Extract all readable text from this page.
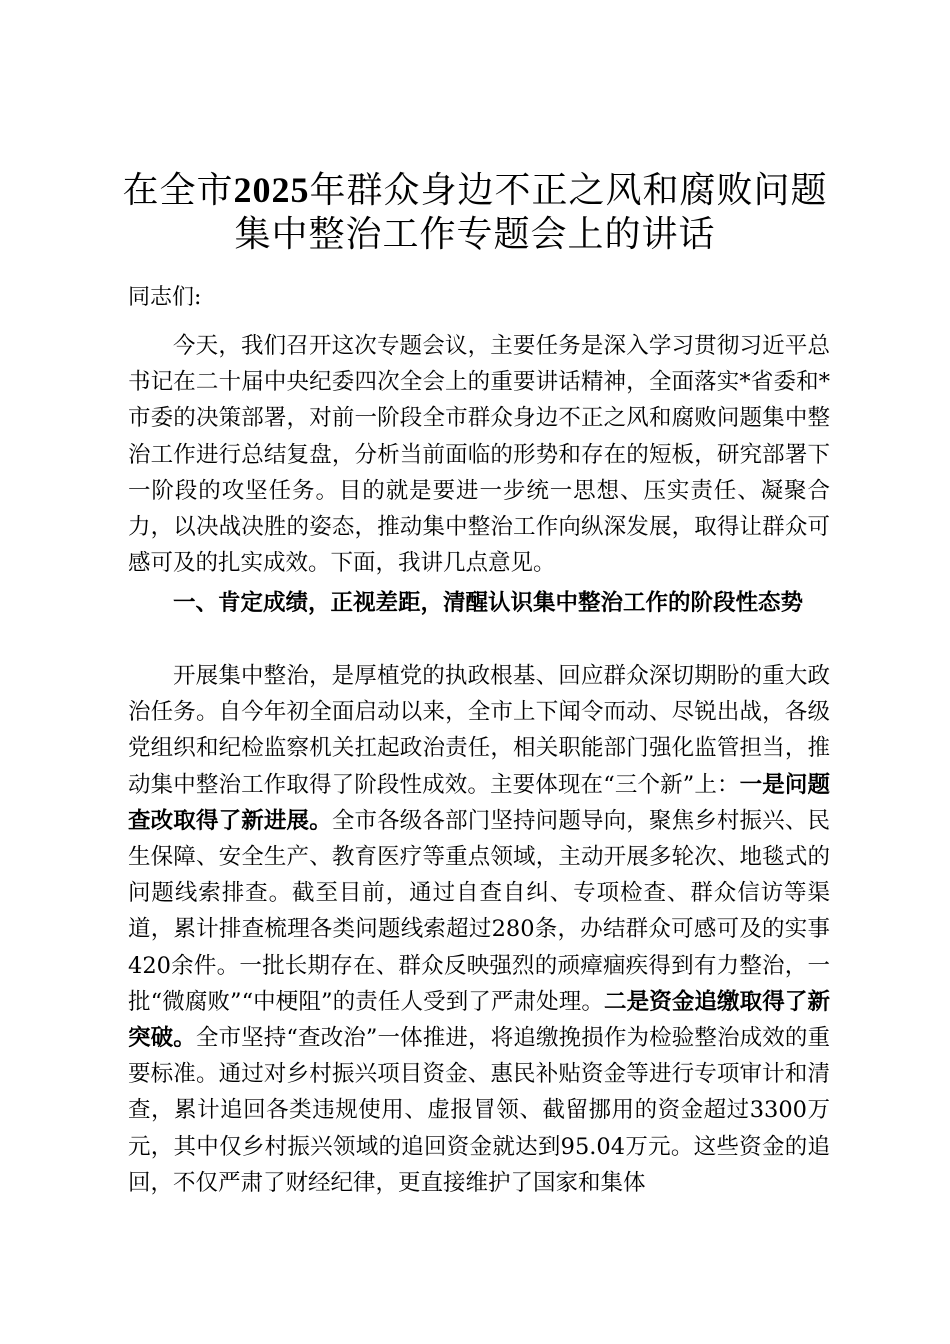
在全市2025年群众身边不正之风和腐败问题
集中整治工作专题会上的讲话
同志们:
今天，我们召开这次专题会议，主要任务是深入学习贯彻习近平总书记在二十届中央纪委四次全会上的重要讲话精神，全面落实*省委和*市委的决策部署，对前一阶段全市群众身边不正之风和腐败问题集中整治工作进行总结复盘，分析当前面临的形势和存在的短板，研究部署下一阶段的攻坚任务。目的就是要进一步统一思想、压实责任、凝聚合力，以决战决胜的姿态，推动集中整治工作向纵深发展，取得让群众可感可及的扎实成效。下面，我讲几点意见。
一、肯定成绩，正视差距，清醒认识集中整治工作的阶段性态势
开展集中整治，是厚植党的执政根基、回应群众深切期盼的重大政治任务。自今年初全面启动以来，全市上下闻令而动、尽锐出战，各级党组织和纪检监察机关扛起政治责任，相关职能部门强化监管担当，推动集中整治工作取得了阶段性成效。主要体现在“三个新”上：一是问题查改取得了新进展。全市各级各部门坚持问题导向，聚焦乡村振兴、民生保障、安全生产、教育医疗等重点领域，主动开展多轮次、地毯式的问题线索排查。截至目前，通过自查自纠、专项检查、群众信访等渠道，累计排查梳理各类问题线索超过280条，办结群众可感可及的实事420余件。一批长期存在、群众反映强烈的顽瘴痼疾得到有力整治，一批“微腐败”“中梗阻”的责任人受到了严肃处理。二是资金追缴取得了新突破。全市坚持“查改治”一体推进，将追缴挽损作为检验整治成效的重要标准。通过对乡村振兴项目资金、惠民补贴资金等进行专项审计和清查，累计追回各类违规使用、虚报冒领、截留挪用的资金超过3300万元，其中仅乡村振兴领域的追回资金就达到95.04万元。这些资金的追回，不仅严肃了财经纪律，更直接维护了国家和集体
